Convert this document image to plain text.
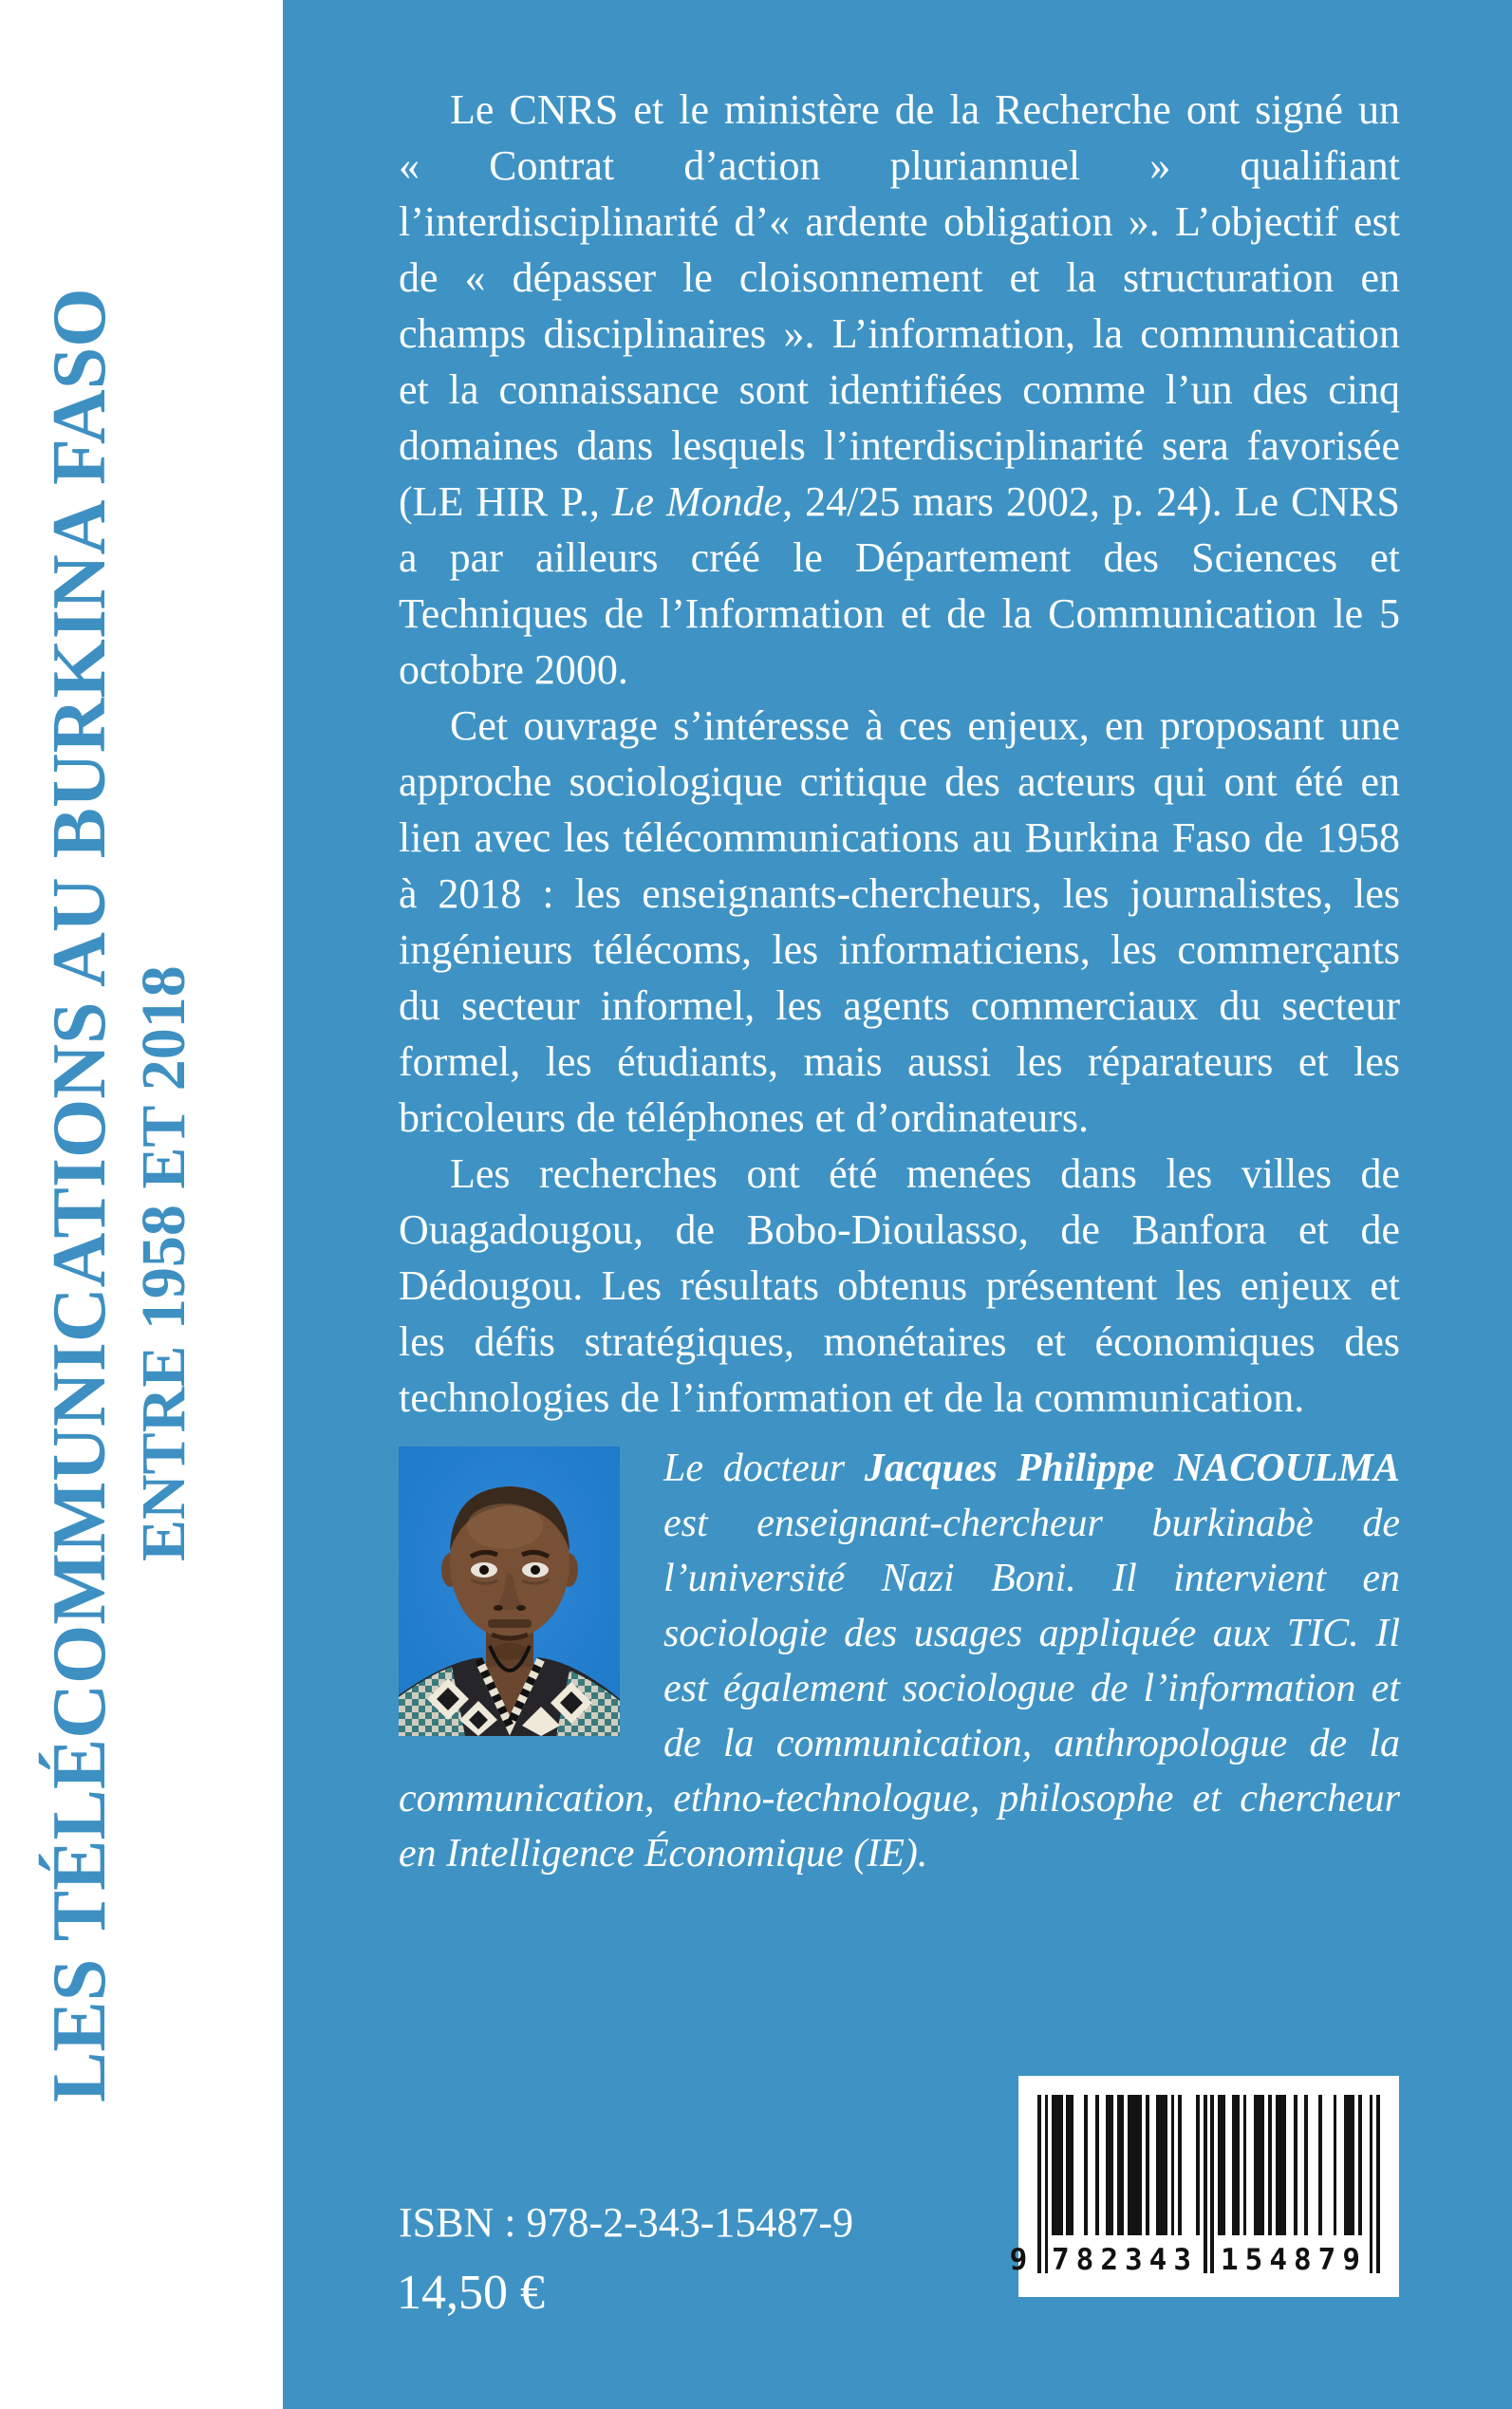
LES TÉLÉCOMMUNICATIONS AU BURKINA FASO ENTRE 1958 ET 2018

Le CNRS et le ministère de la Recherche ont signé un « Contrat d’action pluriannuel » qualifiant l’interdisciplinarité d’« ardente obligation ». L’objectif est de « dépasser le cloisonnement et la structuration en champs disciplinaires ». L’information, la communication et la connaissance sont identifiées comme l’un des cinq domaines dans lesquels l’interdisciplinarité sera favorisée (LE HIR P., Le Monde, 24/25 mars 2002, p. 24). Le CNRS a par ailleurs créé le Département des Sciences et Techniques de l’Information et de la Communication le 5 octobre 2000.

Cet ouvrage s’intéresse à ces enjeux, en proposant une approche sociologique critique des acteurs qui ont été en lien avec les télécommunications au Burkina Faso de 1958 à 2018 : les enseignants-chercheurs, les journalistes, les ingénieurs télécoms, les informaticiens, les commerçants du secteur informel, les agents commerciaux du secteur formel, les étudiants, mais aussi les réparateurs et les bricoleurs de téléphones et d’ordinateurs.

Les recherches ont été menées dans les villes de Ouagadougou, de Bobo-Dioulasso, de Banfora et de Dédougou. Les résultats obtenus présentent les enjeux et les défis stratégiques, monétaires et économiques des technologies de l’information et de la communication.

Le docteur Jacques Philippe NACOULMA est enseignant-chercheur burkinabè de l’université Nazi Boni. Il intervient en sociologie des usages appliquée aux TIC. Il est également sociologue de l’information et de la communication, anthropologue de la communication, ethno-technologue, philosophe et chercheur en Intelligence Économique (IE).

ISBN : 978-2-343-15487-9
14,50 €
9 782343 154879
